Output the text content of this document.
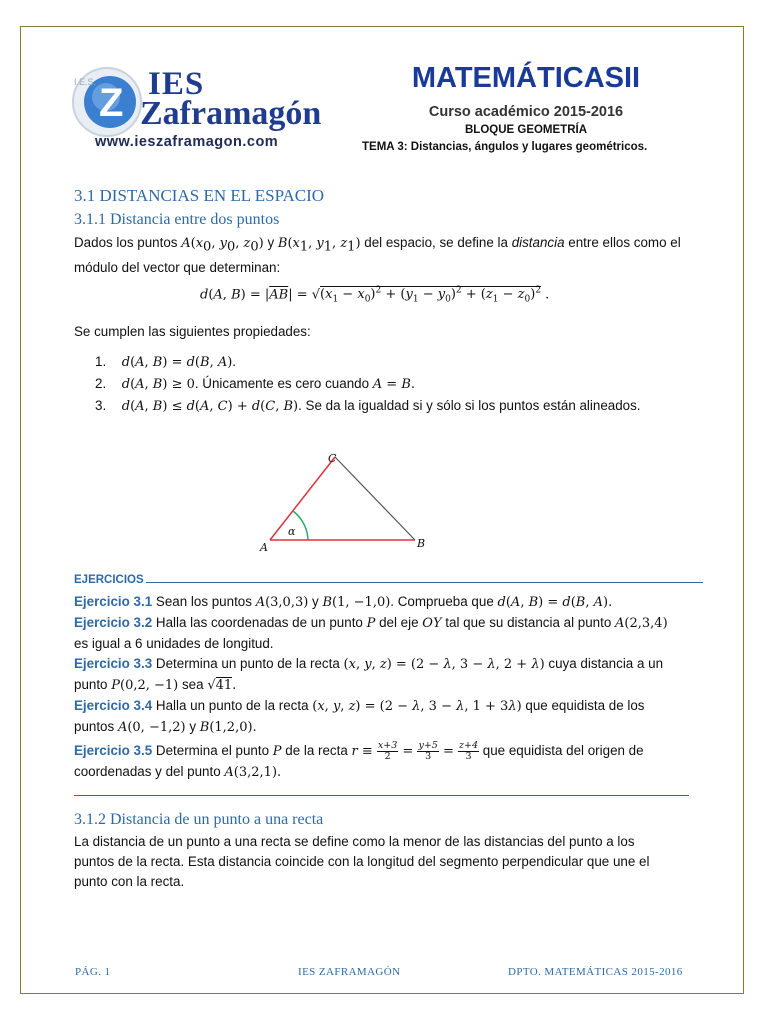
Z
I.E.S. IES
Zaframagón
www.ieszaframagon.com
MATEMÁTICASII
Curso académico 2015-2016
BLOQUE GEOMETRÍA
TEMA 3: Distancias, ángulos y lugares geométricos.
3.1 DISTANCIAS EN EL ESPACIO
3.1.1 Distancia entre dos puntos
Dados los puntos $A(x_0$, $y_0$, $z_0$) y $B(x_1$, $y_1$, $z_1$) del espacio, se define la distancia entre ellos como el
módulo del vector que determinan:
d(A, $B) = |\overline{AB}| = √(x_1 - x_0)^2 + (y_1 - y_0)^2 + (z_1 - z_0)^2$ .
Se cumplen las siguientes propiedades:
1. d(A, B) = d(B, A).
2. d(A, B) ≥ 0. Únicamente es cero cuando A = B.
3. d(A, B) ≤ d(A, C) + d(C, B). Se da la igualdad si y sólo si los puntos están alineados.
A	B
C
α
EJERCICIOS
Ejercicio 3.1 Sean los puntos A(3,0,3) y B(1, −1,0). Comprueba que d(A, B) = d(B, A).
Ejercicio 3.2 Halla las coordenadas de un punto P del eje OY tal que su distancia al punto A(2,3,4)
es igual a 6 unidades de longitud.
Ejercicio 3.3 Determina un punto de la recta (x, y, z) = (2 − λ, 3 − λ, 2 + λ) cuya distancia a un
punto P(0,2, −1) sea √41.
Ejercicio 3.4 Halla un punto de la recta (x, y, z) = (2 − λ, 3 − λ, 1 + 3λ) que equidista de los
puntos A(0, −1,2) y B(1,2,0).
Ejercicio 3.5 Determina el punto P de la recta $r \equiv \frac{x+3}{2} = \frac{y+5}{3} = \frac{z+4}{3}$ que equidista del origen de
coordenadas y del punto A(3,2,1).
3.1.2 Distancia de un punto a una recta
La distancia de un punto a una recta se define como la menor de las distancias del punto a los
puntos de la recta. Esta distancia coincide con la longitud del segmento perpendicular que une el
punto con la recta.
PÁG. 1	IES ZAFRAMAGÓN	DPTO. MATEMÁTICAS 2015-2016
